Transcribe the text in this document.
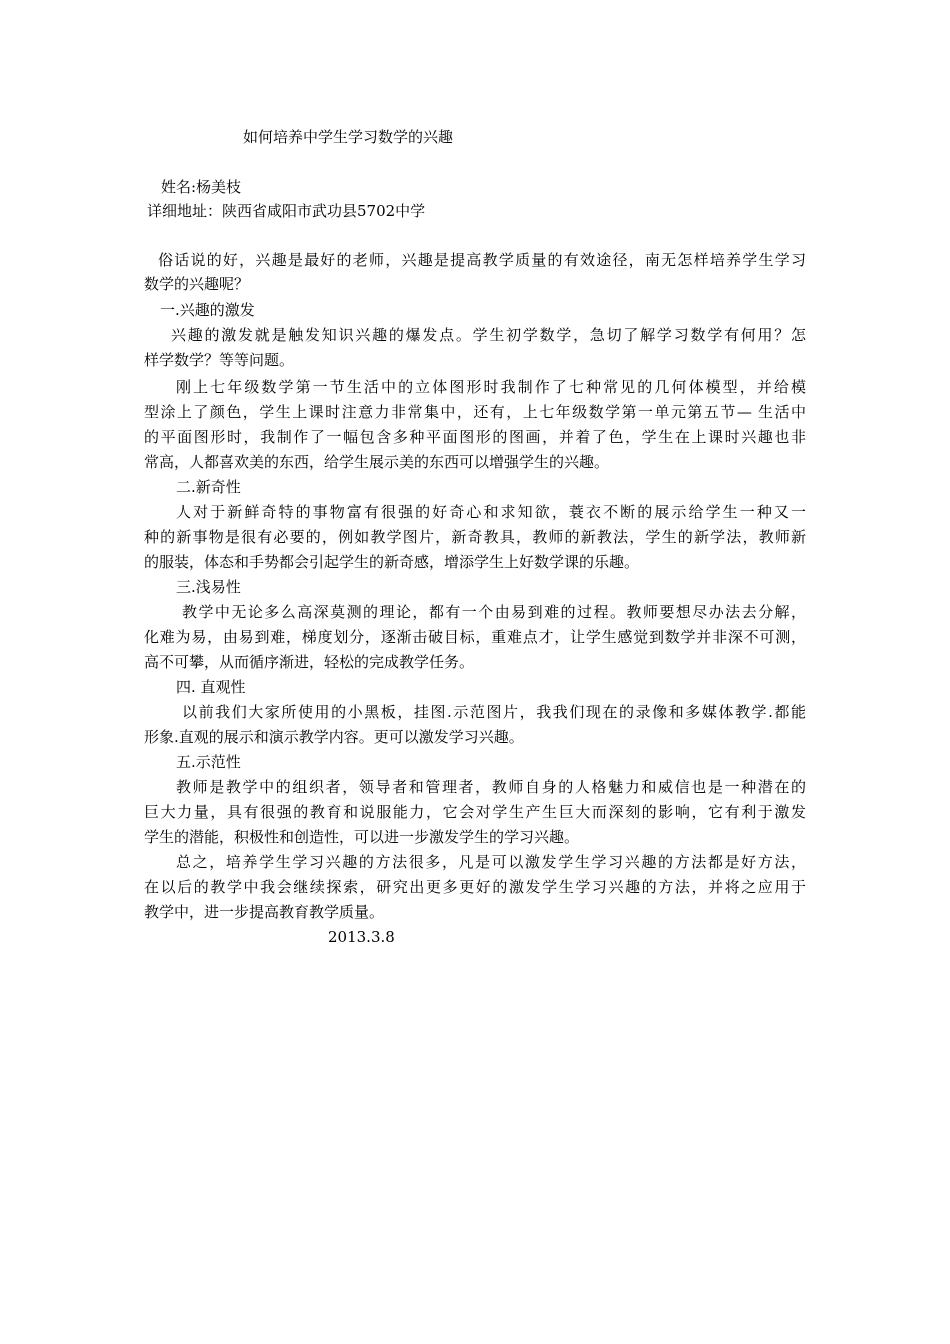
如何培养中学生学习数学的兴趣
姓名:杨美枝
详细地址：陕西省咸阳市武功县5702中学
俗话说的好，兴趣是最好的老师，兴趣是提高教学质量的有效途径，南无怎样培养学生学习
数学的兴趣呢？
一.兴趣的激发
兴趣的激发就是触发知识兴趣的爆发点。学生初学数学，急切了解学习数学有何用？怎
样学数学？等等问题。
刚上七年级数学第一节生活中的立体图形时我制作了七种常见的几何体模型，并给模
型涂上了颜色，学生上课时注意力非常集中，还有，上七年级数学第一单元第五节— 生活中
的平面图形时，我制作了一幅包含多种平面图形的图画，并着了色，学生在上课时兴趣也非
常高，人都喜欢美的东西，给学生展示美的东西可以增强学生的兴趣。
二.新奇性
人对于新鲜奇特的事物富有很强的好奇心和求知欲，蓑衣不断的展示给学生一种又一
种的新事物是很有必要的，例如教学图片，新奇教具，教师的新教法，学生的新学法，教师新
的服装，体态和手势都会引起学生的新奇感，增添学生上好数学课的乐趣。
三.浅易性
教学中无论多么高深莫测的理论，都有一个由易到难的过程。教师要想尽办法去分解，
化难为易，由易到难，梯度划分，逐渐击破目标，重难点才，让学生感觉到数学并非深不可测，
高不可攀，从而循序渐进，轻松的完成教学任务。
四. 直观性
以前我们大家所使用的小黑板，挂图.示范图片，我我们现在的录像和多媒体教学.都能
形象.直观的展示和演示教学内容。更可以激发学习兴趣。
五.示范性
教师是教学中的组织者，领导者和管理者，教师自身的人格魅力和威信也是一种潜在的
巨大力量，具有很强的教育和说服能力，它会对学生产生巨大而深刻的影响，它有利于激发
学生的潜能，积极性和创造性，可以进一步激发学生的学习兴趣。
总之，培养学生学习兴趣的方法很多，凡是可以激发学生学习兴趣的方法都是好方法，
在以后的教学中我会继续探索，研究出更多更好的激发学生学习兴趣的方法，并将之应用于
教学中，进一步提高教育教学质量。
2013.3.8
